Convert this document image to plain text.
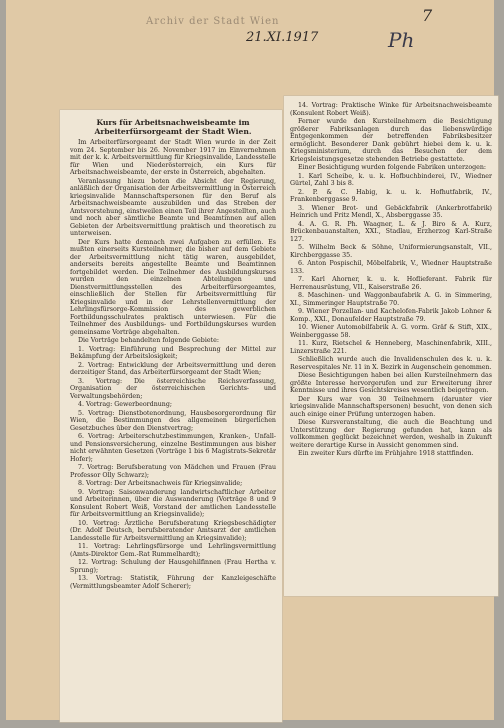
Archiv der Stadt Wien
21.XI.1917
7
Ph
Kurs für Arbeitsnachweisbeamte im Arbeiterfürsorgeamt der Stadt Wien.

Im Arbeiterfürsorgeamt der Stadt Wien wurde in der Zeit vom 24. September bis 26. November 1917 im Einvernehmen mit der k. k. Arbeitsvermittlung für Kriegsinvalide, Landesstelle für Wien und Niederösterreich, ein Kurs für Arbeitsnachweisbeamte, der erste in Österreich, abgehalten.

Veranlassung hiezu boten die Absicht der Regierung, anläßlich der Organisation der Arbeitsvermittlung in Österreich kriegsinvalide Mannschaftspersonen für den Beruf als Arbeitsnachweisbeamte auszubilden und das Streben der Amtsvorstehung, einstweilen einen Teil ihrer Angestellten, auch und noch aber sämtliche Beamte und Beamtinnen auf allen Gebieten der Arbeitsvermittlung praktisch und theoretisch zu unterweisen.

Der Kurs hatte demnach zwei Aufgaben zu erfüllen. Es mußten einerseits Kursteilnehmer, die bisher auf dem Gebiete der Arbeitsvermittlung nicht tätig waren, ausgebildet, anderseits bereits angestellte Beamte und Beamtinnen fortgebildet werden. Die Teilnehmer des Ausbildungskurses wurden den einzelnen Abteilungen und Dienstvermittlungsstellen des Arbeiterfürsorgeamtes, einschließlich der Stellen für Arbeitsvermittlung für Kriegsinvalide und in der Lehrstellenvermittlung der Lehrlingsfürsorge-Kommission des gewerblichen Fortbildungsschulrates praktisch unterwiesen. Für die Teilnehmer des Ausbildungs- und Fortbildungskurses wurden gemeinsame Vorträge abgehalten.

Die Vorträge behandelten folgende Gebiete:

1. Vortrag: Einführung und Besprechung der Mittel zur Bekämpfung der Arbeitslosigkeit;

2. Vortrag: Entwicklung der Arbeitsvermittlung und deren derzeitiger Stand, das Arbeiterfürsorgeamt der Stadt Wien;

3. Vortrag: Die österreichische Reichsverfassung, Organisation der österreichischen Gerichts- und Verwaltungsbehörden;

4. Vortrag: Gewerbeordnung;

5. Vortrag: Dienstbotenordnung, Hausbesorgerordnung für Wien, die Bestimmungen des allgemeinen bürgerlichen Gesetzbuches über den Dienstvertrag;

6. Vortrag: Arbeiterschutzbestimmungen, Kranken-, Unfall- und Pensionsversicherung, einzelne Bestimmungen aus bisher nicht erwähnten Gesetzen (Vorträge 1 bis 6 Magistrats-Sekretär Hofer);

7. Vortrag: Berufsberatung von Mädchen und Frauen (Frau Professor Olly Schwarz);

8. Vortrag: Der Arbeitsnachweis für Kriegsinvalide;

9. Vortrag: Saisonwanderung landwirtschaftlicher Arbeiter und Arbeiterinnen, über die Auswanderung (Vorträge 8 und 9 Konsulent Robert Weiß, Vorstand der amtlichen Landesstelle für Arbeitsvermittlung an Kriegsinvalide);

10. Vortrag: Ärztliche Berufsberatung Kriegsbeschädigter (Dr. Adolf Deutsch, berufsberatender Amtsarzt der amtlichen Landesstelle für Arbeitsvermittlung an Kriegsinvalide);

11. Vortrag: Lehrlingsfürsorge und Lehrlingsvermittlung (Amts-Direktor Gem.-Rat Rummelhardt);

12. Vortrag: Schulung der Hausgehilfinnen (Frau Hertha v. Sprung);

13. Vortrag: Statistik, Führung der Kanzleigeschäfte (Vermittlungsbeamter Adolf Scherer);

14. Vortrag: Praktische Winke für Arbeitsnachweisbeamte (Konsulent Robert Weiß).

Ferner wurde den Kursteilnehmern die Besichtigung größerer Fabriksanlagen durch das liebenswürdige Entgegenkommen der betreffenden Fabriksbesitzer ermöglicht. Besonderer Dank gebührt hiebei dem k. u. k. Kriegsministerium, durch das Besuchen der dem Kriegsleistungsgesetze stehenden Betriebe gestattete.

Einer Besichtigung wurden folgende Fabriken unterzogen:

1. Karl Scheibe, k. u. k. Hofbuchbinderei, IV., Wiedner Gürtel, Zahl 3 bis 8.

2. P. & C. Habig, k. u. k. Hofhutfabrik, IV., Frankenberggasse 9.

3. Wiener Brot- und Gebäckfabrik (Ankerbrotfabrik) Heinrich und Fritz Mendl, X., Absberggasse 35.

4. A. G. R. Ph. Waagner, L. & J. Biro & A. Kurz, Brückenbauanstalten, XXI., Stadlau, Erzherzog Karl-Straße 127.

5. Wilhelm Beck & Söhne, Uniformierungsanstalt, VII., Kirchberggasse 35.

6. Anton Pospischil, Möbelfabrik, V., Wiedner Hauptstraße 133.

7. Karl Ahorner, k. u. k. Hoflieferant. Fabrik für Herrenausrüstung, VII., Kaiserstraße 26.

8. Maschinen- und Waggonbaufabrik A. G. in Simmering, XI., Simmeringer Hauptstraße 70.

9. Wiener Porzellan- und Kachelofen-Fabrik Jakob Lohner & Komp., XXI., Donaufelder Hauptstraße 79.

10. Wiener Automobilfabrik A. G. vorm. Gräf & Stift, XIX., Weinberggasse 58.

11. Kurz, Rietschel & Henneberg, Maschinenfabrik, XIII., Linzerstraße 221.

Schließlich wurde auch die Invalidenschulen des k. u. k. Reservespitales Nr. 11 in X. Bezirk in Augenschein genommen.

Diese Besichtigungen haben bei allen Kursteilnehmern das größte Interesse hervorgerufen und zur Erweiterung ihrer Kenntnisse und ihres Gesichtskreises wesentlich beigetragen.

Der Kurs war von 30 Teilnehmern (darunter vier kriegsinvalide Mannschaftspersonen) besucht, von denen sich auch einige einer Prüfung unterzogen haben.

Diese Kursveranstaltung, die auch die Beachtung und Unterstützung der Regierung gefunden hat, kann als vollkommen geglückt bezeichnet werden, weshalb in Zukunft weitere derartige Kurse in Aussicht genommen sind.

Ein zweiter Kurs dürfte im Frühjahre 1918 stattfinden.
